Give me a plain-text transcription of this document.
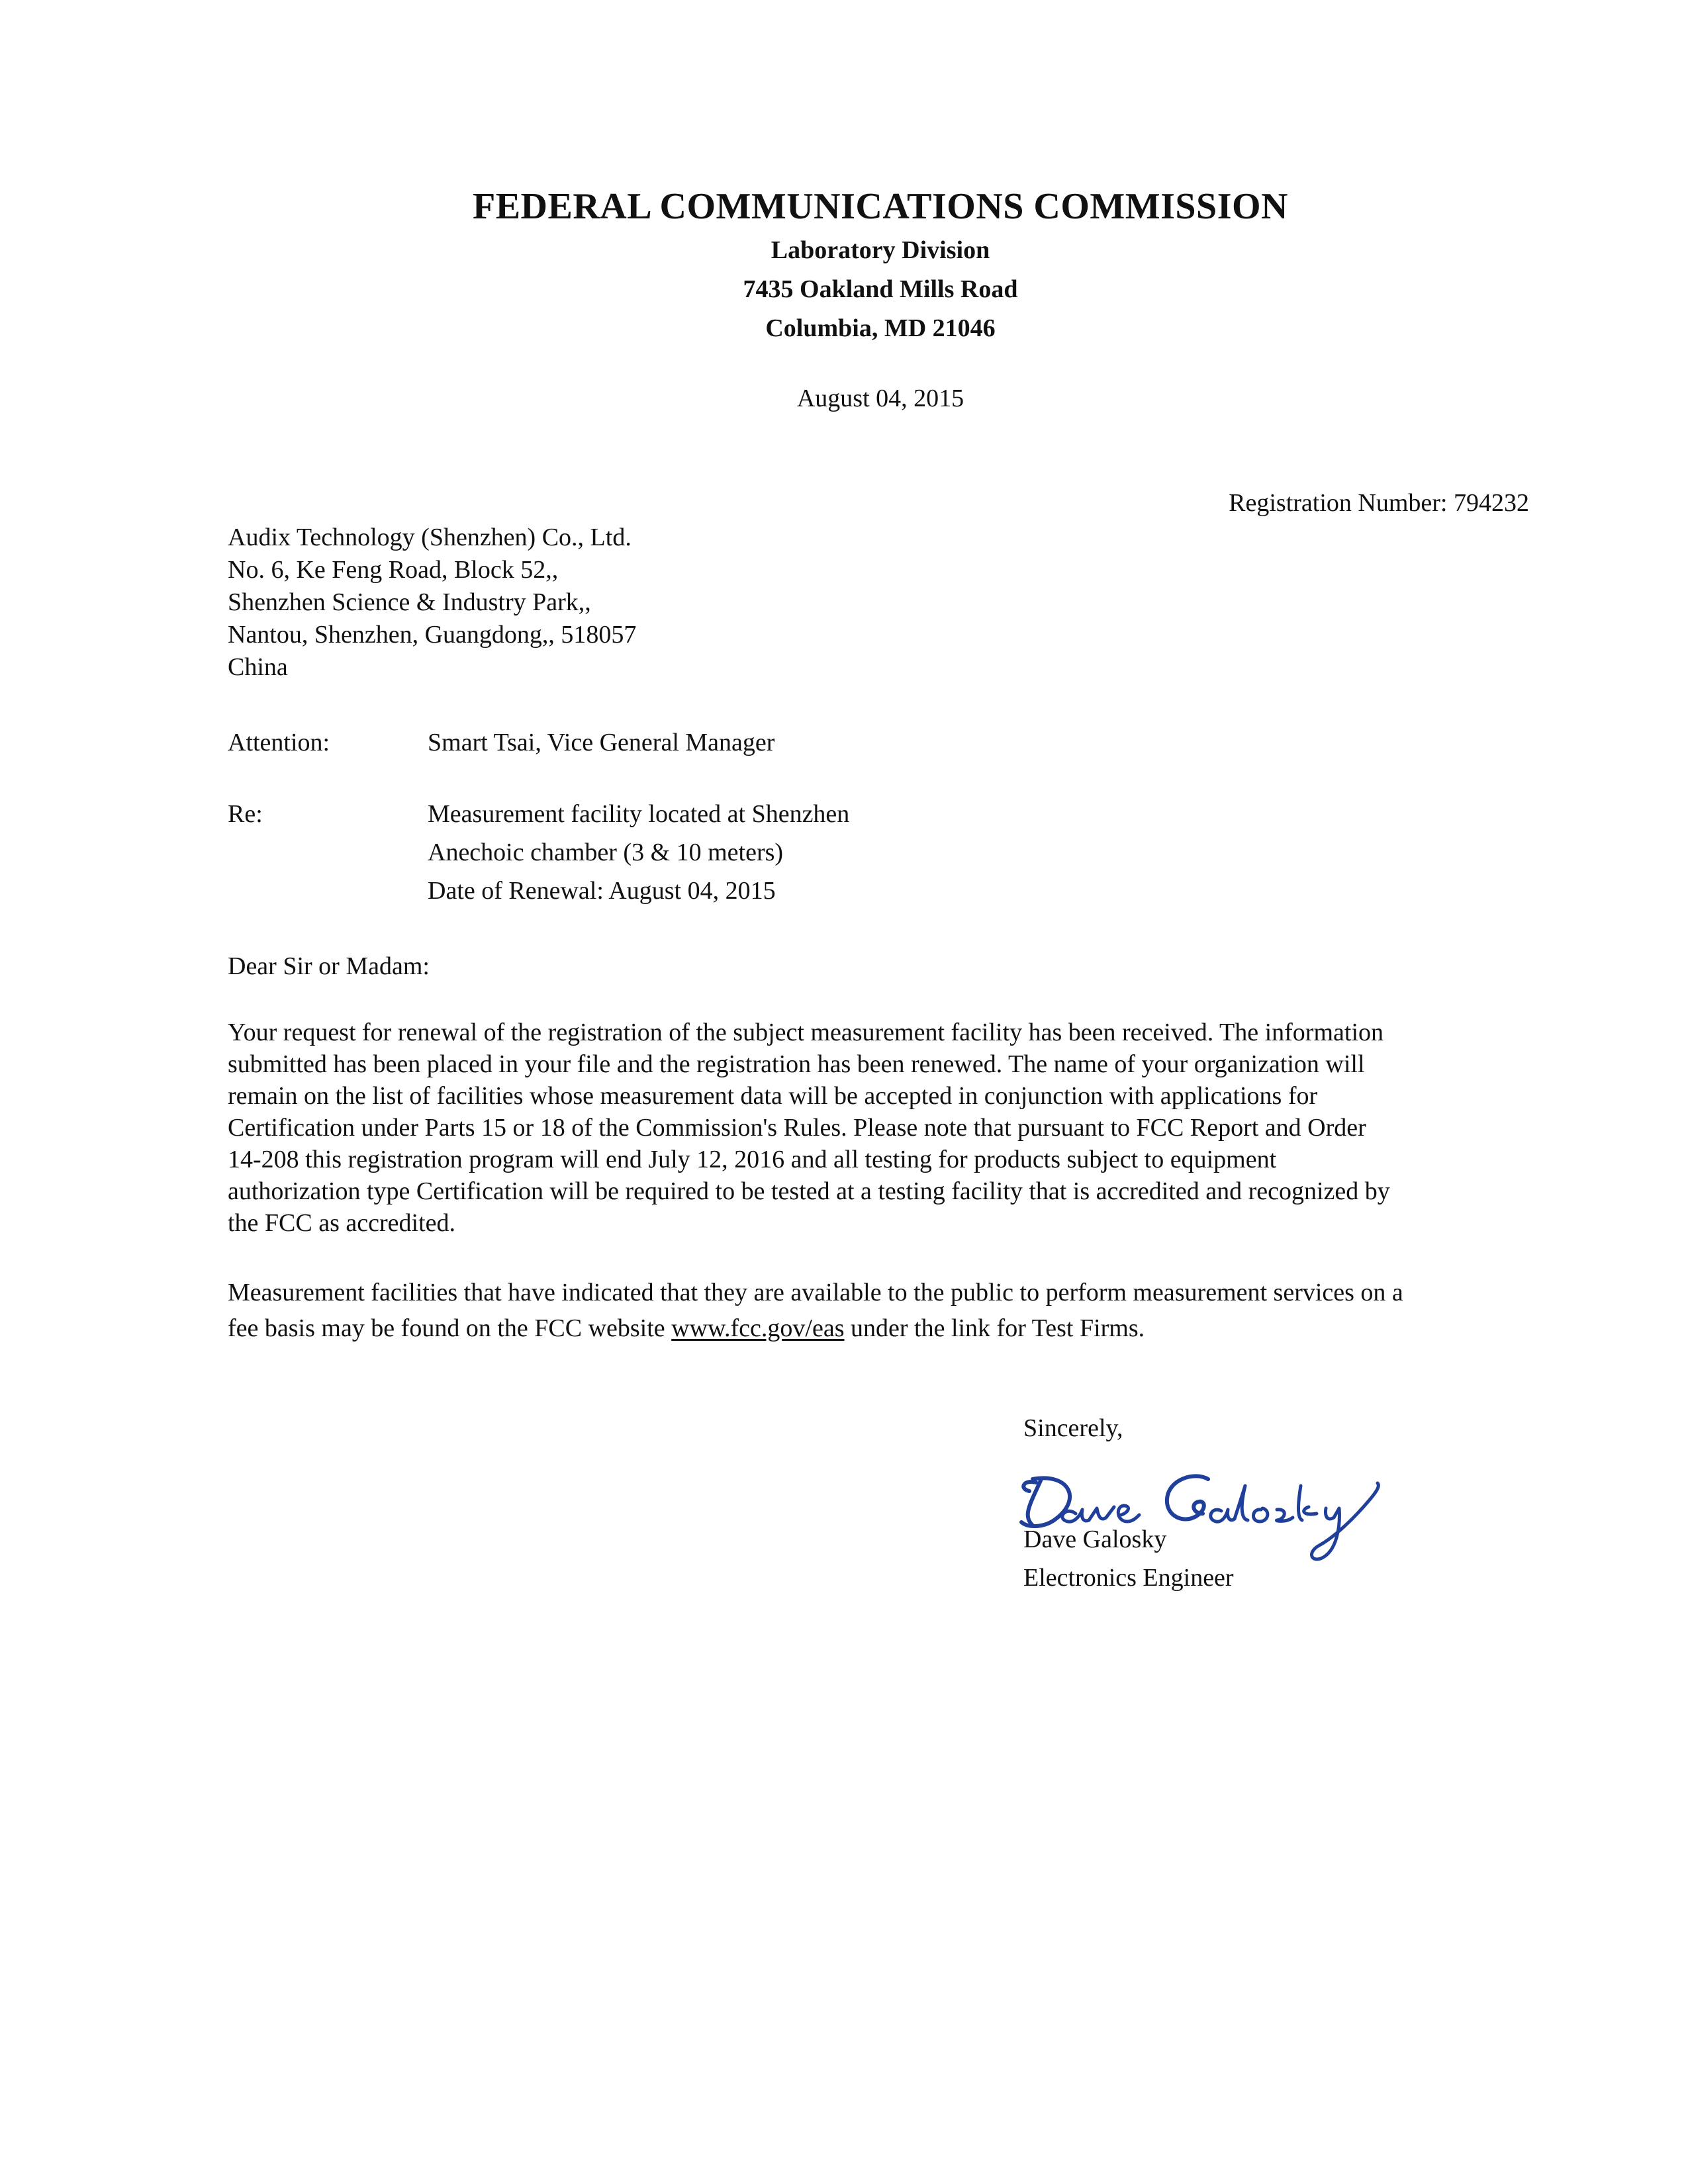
FEDERAL COMMUNICATIONS COMMISSION
Laboratory Division
7435 Oakland Mills Road
Columbia, MD 21046
August 04, 2015
Registration Number: 794232
Audix Technology (Shenzhen) Co., Ltd.
No. 6, Ke Feng Road, Block 52,,
Shenzhen Science & Industry Park,,
Nantou, Shenzhen, Guangdong,, 518057
China
Attention:	Smart Tsai, Vice General Manager
Re:	Measurement facility located at Shenzhen
Anechoic chamber (3 & 10 meters)
Date of Renewal: August 04, 2015
Dear Sir or Madam:

Your request for renewal of the registration of the subject measurement facility has been received. The information

submitted has been placed in your file and the registration has been renewed. The name of your organization will

remain on the list of facilities whose measurement data will be accepted in conjunction with applications for

Certification under Parts 15 or 18 of the Commission's Rules. Please note that pursuant to FCC Report and Order

14-208 this registration program will end July 12, 2016 and all testing for products subject to equipment

authorization type Certification will be required to be tested at a testing facility that is accredited and recognized by

the FCC as accredited.

Measurement facilities that have indicated that they are available to the public to perform measurement services on a

fee basis may be found on the FCC website www.fcc.gov/eas under the link for Test Firms.

Sincerely,
Dave Galosky
Electronics Engineer
